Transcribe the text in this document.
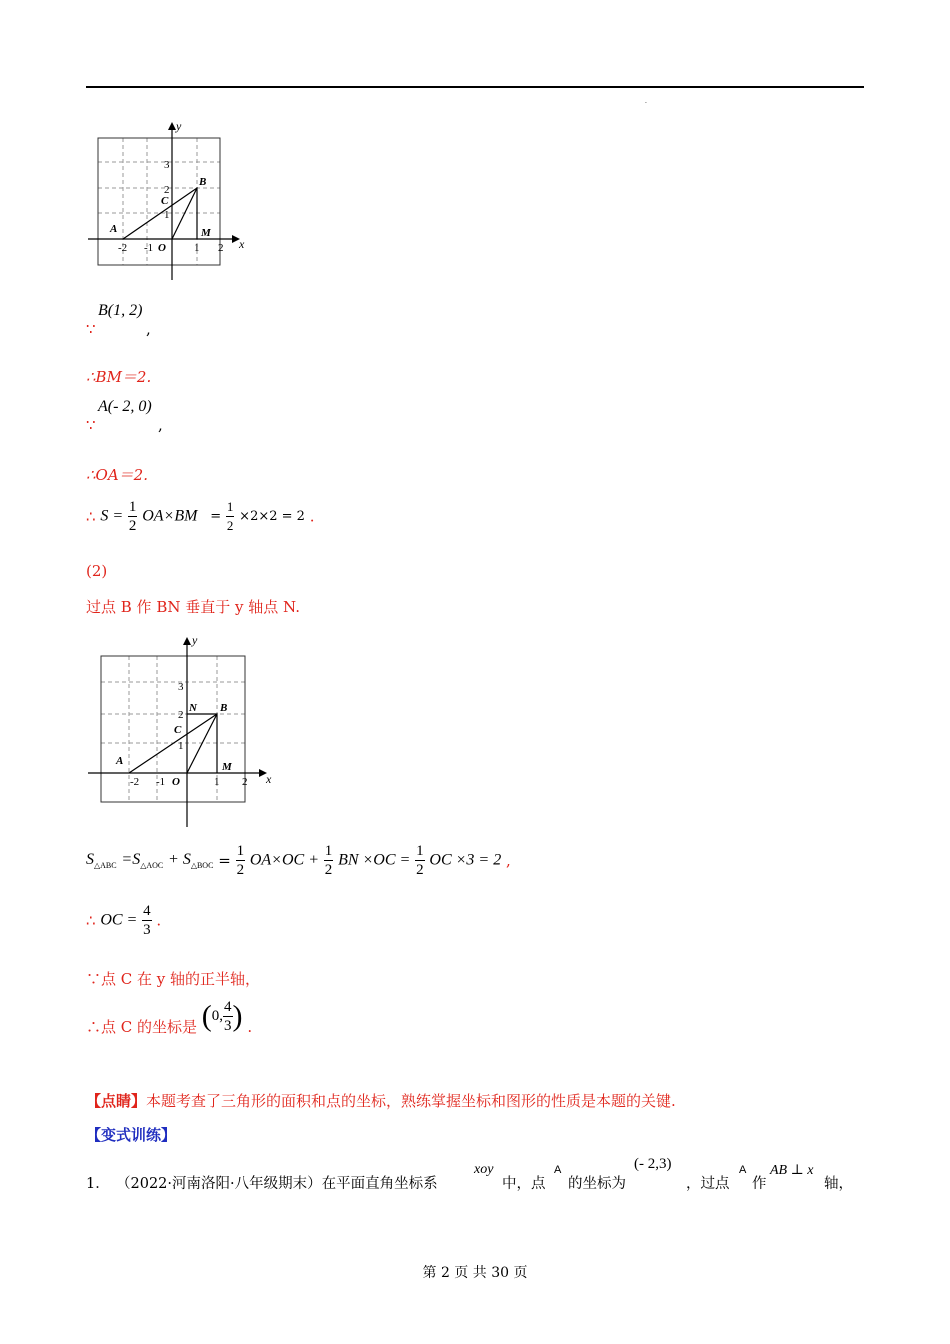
.
x
y
-2 -1	1 2
1
2
3
O
A
B
C
M
B(1, 2)
∵	,
∴BM＝2.
A(- 2, 0)
∵	,
∴OA＝2.
∴ $S = \frac{1}{2} OA\times BM = \frac{1}{2} \times 2\times 2 = 2$ .
(2)
过点 B 作 BN 垂直于 y 轴点 N.
x
y
-2 -1	1 2
1
2
3
O
A
B
C
M
N
$S_{\triangle ABC} =S_{\triangle AOC} + S_{\triangle BOC} = \frac{1}{2} OA\times OC + \frac{1}{2}$ BN $\times OC = \frac{1}{2}$ OC ×3 = 2 ,
∴ OC = $\frac{4}{3}$ .
∵点 C 在 y 轴的正半轴，
∴点 C 的坐标是 (0, $\frac{4}{3}$ ) .
【点睛】本题考查了三角形的面积和点的坐标，熟练掌握坐标和图形的性质是本题的关键.
【变式训练】
1． （2022·河南洛阳·八年级期末）在平面直角坐标系
xoy
中，点
A
的坐标为
(- 2,3)
，过点
A
作
AB ⊥ x
轴，
第 2 页 共 30 页
